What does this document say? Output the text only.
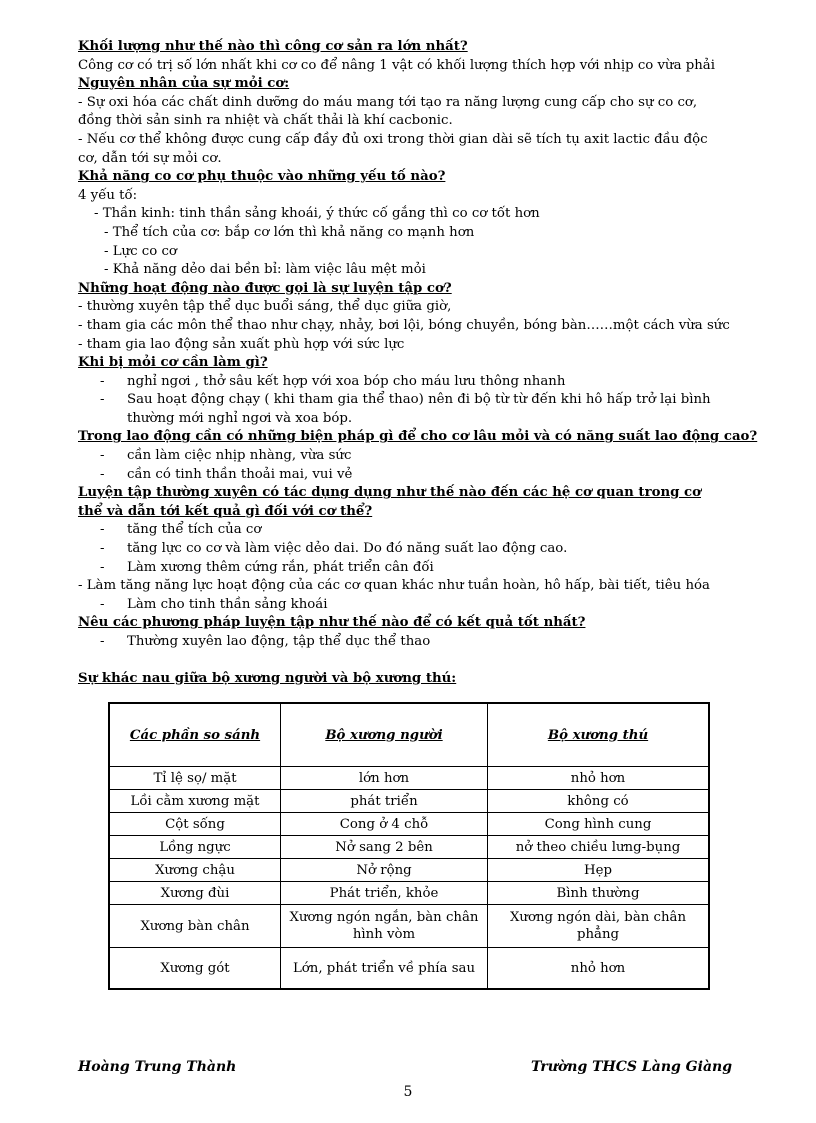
Khối lượng như thế nào thì công cơ sản ra lớn nhất?

Công cơ có trị số lớn nhất khi cơ co để nâng 1 vật có khối lượng thích hợp với nhịp co vừa phải

Nguyên nhân của sự mỏi cơ:

- Sự oxi hóa các chất dinh dưỡng do máu mang tới tạo ra năng lượng cung cấp cho sự co cơ, đồng thời sản sinh ra nhiệt và chất thải là khí cacbonic.

- Nếu cơ thể không được cung cấp đầy đủ oxi trong thời gian dài sẽ tích tụ axit lactic đầu độc cơ, dẫn tới sự mỏi cơ.

Khả năng co cơ phụ thuộc vào những yếu tố nào?

4 yếu tố:

- Thần kinh: tinh thần sảng khoái, ý thức cố gắng thì co cơ tốt hơn

- Thể tích của cơ: bắp cơ lớn thì khả năng co mạnh hơn

- Lực co cơ

- Khả năng dẻo dai bền bỉ: làm việc lâu mệt mỏi

Những hoạt động nào được gọi là sự luyện tập cơ?

- thường xuyên tập thể dục buổi sáng, thể dục giữa giờ,

- tham gia các môn thể thao như chạy, nhảy, bơi lội, bóng chuyền, bóng bàn……một cách vừa sức

- tham gia lao động sản xuất phù hợp với sức lực

Khi bị mỏi cơ cần làm gì?

-	nghỉ ngơi , thở sâu kết hợp với xoa bóp cho máu lưu thông nhanh
-	Sau hoạt động chạy ( khi tham gia thể thao) nên đi bộ từ từ đến khi hô hấp trở lại bình thường mới nghỉ ngơi và xoa bóp.

Trong lao động cần có những biện pháp gì để cho cơ lâu mỏi và có năng suất lao động cao?

-	cần làm ciệc nhịp nhàng, vừa sức
-	cần có tinh thần thoải mai, vui vẻ

Luyện tập thường xuyên có tác dụng dụng như thế nào đến các hệ cơ quan trong cơ thể và dẫn tới kết quả gì đối với cơ thể?

-	tăng thể tích của cơ
-	tăng lực co cơ và làm việc dẻo dai. Do đó năng suất lao động cao.
-	Làm xương thêm cứng rắn, phát triển cân đối

- Làm tăng năng lực hoạt động của các cơ quan khác như tuần hoàn, hô hấp, bài tiết, tiêu hóa

-	Làm cho tinh thần sảng khoái

Nêu các phương pháp luyện tập như thế nào để có kết quả tốt nhất?

-	Thường xuyên lao động, tập thể dục thể thao

Sự khác nau giữa bộ xương người và bộ xương thú:

Các phần so sánh	Bộ xương người	Bộ xương thú
Tỉ lệ sọ/ mặt	lớn hơn	nhỏ hơn
Lồi cằm xương mặt	phát triển	không có
Cột sống	Cong ở 4 chỗ	Cong hình cung
Lồng ngực	Nở sang 2 bên	nở theo chiều lưng-bụng
Xương chậu	Nở rộng	Hẹp
Xương đùi	Phát triển, khỏe	Bình thường
Xương bàn chân	Xương ngón ngắn, bàn chân hình vòm	Xương ngón dài, bàn chân phẳng
Xương gót	Lớn, phát triển về phía sau	nhỏ hơn
Hoàng Trung Thành	Trường THCS Làng Giàng
5
